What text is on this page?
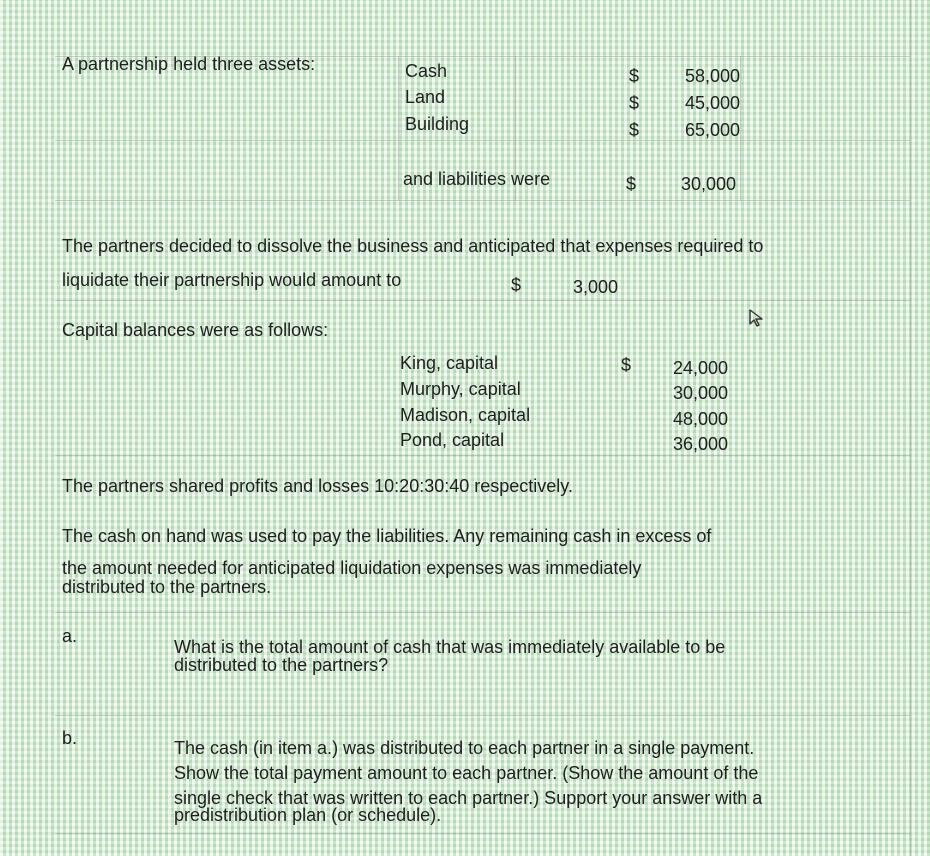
A partnership held three assets:	Cash	$	58,000
Land	$	45,000
Building	$	65,000
and liabilities were	$	30,000
The partners decided to dissolve the business and anticipated that expenses required to
liquidate their partnership would amount to	$	3,000
Capital balances were as follows:
$
King, capital	24,000
Murphy, capital	30,000
Madison, capital	48,000
Pond, capital	36,000
The partners shared profits and losses 10:20:30:40 respectively.
The cash on hand was used to pay the liabilities. Any remaining cash in excess of
the amount needed for anticipated liquidation expenses was immediately
distributed to the partners.
a.
What is the total amount of cash that was immediately available to be
distributed to the partners?
b.	The cash (in item a.) was distributed to each partner in a single payment.
Show the total payment amount to each partner. (Show the amount of the
single check that was written to each partner.) Support your answer with a
predistribution plan (or schedule).
